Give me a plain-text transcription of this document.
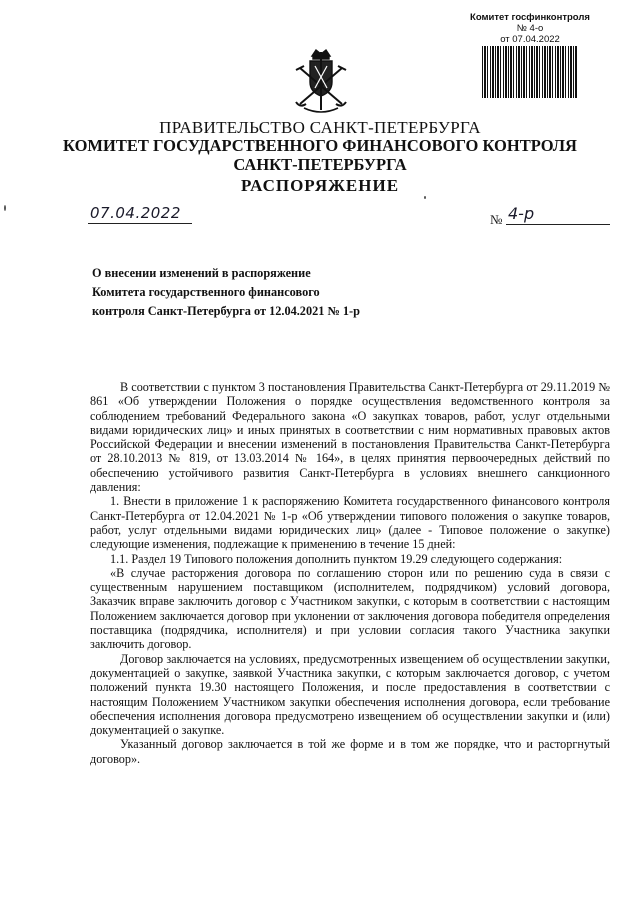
Комитет госфинконтроля
№ 4-о
от 07.04.2022
ПРАВИТЕЛЬСТВО САНКТ-ПЕТЕРБУРГА
КОМИТЕТ ГОСУДАРСТВЕННОГО ФИНАНСОВОГО КОНТРОЛЯ
САНКТ-ПЕТЕРБУРГА
РАСПОРЯЖЕНИЕ
07.04.2022	№ 4-р
О внесении изменений в распоряжение
Комитета государственного финансового
контроля Санкт-Петербурга от 12.04.2021 № 1-р

В соответствии с пунктом 3 постановления Правительства Санкт-Петербурга от 29.11.2019 № 861 «Об утверждении Положения о порядке осуществления ведомственного контроля за соблюдением требований Федерального закона «О закупках товаров, работ, услуг отдельными видами юридических лиц» и иных принятых в соответствии с ним нормативных правовых актов Российской Федерации и внесении изменений в постановления Правительства Санкт-Петербурга от 28.10.2013 № 819, от 13.03.2014 № 164», в целях принятия первоочередных действий по обеспечению устойчивого развития Санкт-Петербурга в условиях внешнего санкционного давления:

1. Внести в приложение 1 к распоряжению Комитета государственного финансового контроля Санкт-Петербурга от 12.04.2021 № 1-р «Об утверждении типового положения о закупке товаров, работ, услуг отдельными видами юридических лиц» (далее - Типовое положение о закупке) следующие изменения, подлежащие к применению в течение 15 дней:

1.1. Раздел 19 Типового положения дополнить пунктом 19.29 следующего содержания:

«В случае расторжения договора по соглашению сторон или по решению суда в связи с существенным нарушением поставщиком (исполнителем, подрядчиком) условий договора, Заказчик вправе заключить договор с Участником закупки, с которым в соответствии с настоящим Положением заключается договор при уклонении от заключения договора победителя определения поставщика (подрядчика, исполнителя) и при условии согласия такого Участника закупки заключить договор.

Договор заключается на условиях, предусмотренных извещением об осуществлении закупки, документацией о закупке, заявкой Участника закупки, с которым заключается договор, с учетом положений пункта 19.30 настоящего Положения, и после предоставления в соответствии с настоящим Положением Участником закупки обеспечения исполнения договора, если требование обеспечения исполнения договора предусмотрено извещением об осуществлении закупки и (или) документацией о закупке.

Указанный договор заключается в той же форме и в том же порядке, что и расторгнутый договор».
